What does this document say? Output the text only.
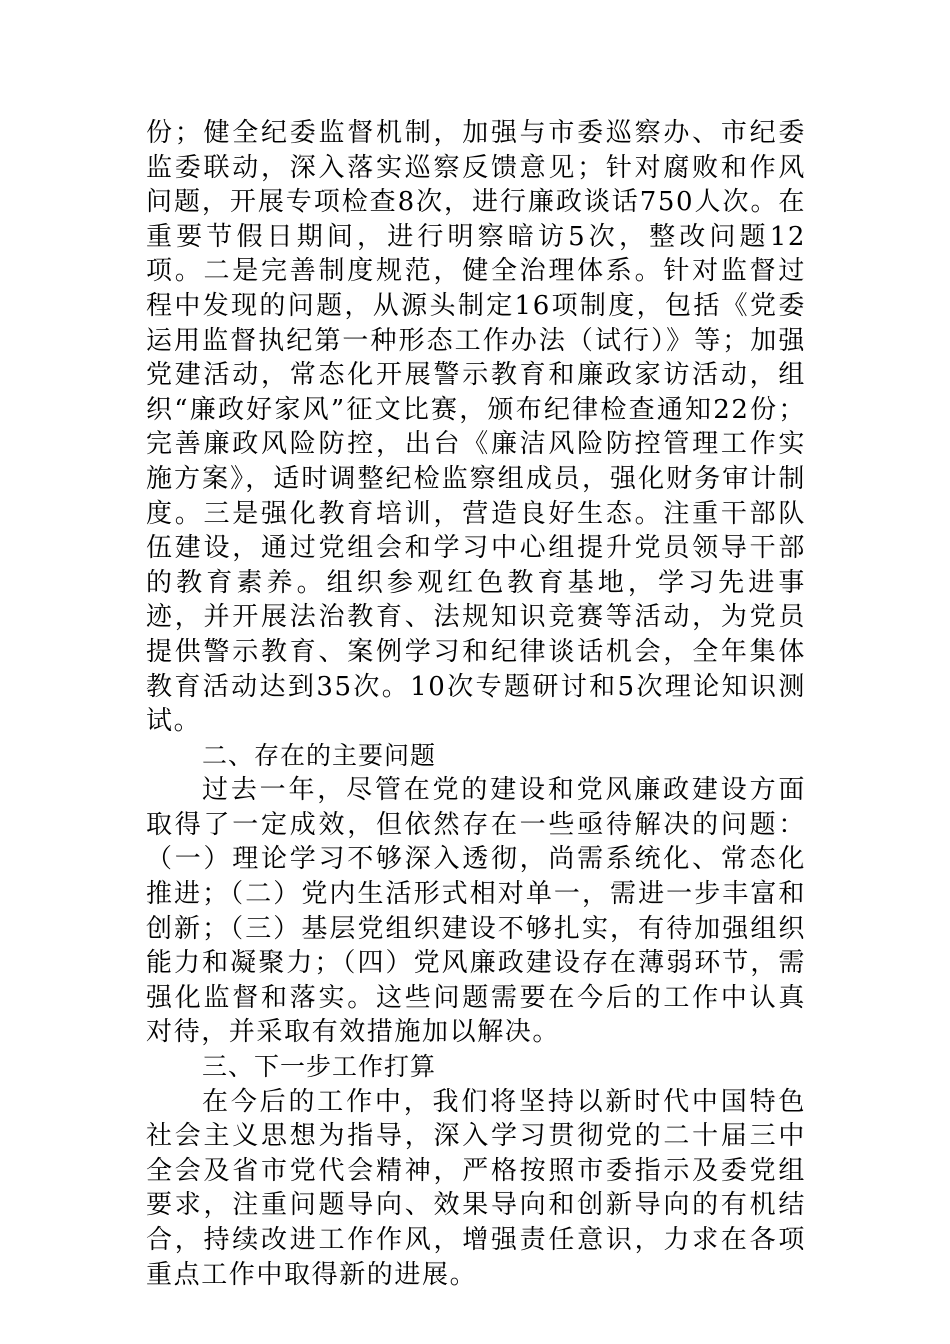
份；健全纪委监督机制，加强与市委巡察办、市纪委监委联动，深入落实巡察反馈意见；针对腐败和作风问题，开展专项检查8次，进行廉政谈话750人次。在重要节假日期间，进行明察暗访5次，整改问题12项。二是完善制度规范，健全治理体系。针对监督过程中发现的问题，从源头制定16项制度，包括《党委运用监督执纪第一种形态工作办法（试行）》等；加强党建活动，常态化开展警示教育和廉政家访活动，组织“廉政好家风”征文比赛，颁布纪律检查通知22份；完善廉政风险防控，出台《廉洁风险防控管理工作实施方案》，适时调整纪检监察组成员，强化财务审计制度。三是强化教育培训，营造良好生态。注重干部队伍建设，通过党组会和学习中心组提升党员领导干部的教育素养。组织参观红色教育基地，学习先进事迹，并开展法治教育、法规知识竞赛等活动，为党员提供警示教育、案例学习和纪律谈话机会，全年集体教育活动达到35次。10次专题研讨和5次理论知识测试。

二、存在的主要问题

过去一年，尽管在党的建设和党风廉政建设方面取得了一定成效，但依然存在一些亟待解决的问题：（一）理论学习不够深入透彻，尚需系统化、常态化推进；（二）党内生活形式相对单一，需进一步丰富和创新；（三）基层党组织建设不够扎实，有待加强组织能力和凝聚力；（四）党风廉政建设存在薄弱环节，需强化监督和落实。这些问题需要在今后的工作中认真对待，并采取有效措施加以解决。

三、下一步工作打算

在今后的工作中，我们将坚持以新时代中国特色社会主义思想为指导，深入学习贯彻党的二十届三中全会及省市党代会精神，严格按照市委指示及委党组要求，注重问题导向、效果导向和创新导向的有机结合，持续改进工作作风，增强责任意识，力求在各项重点工作中取得新的进展。
